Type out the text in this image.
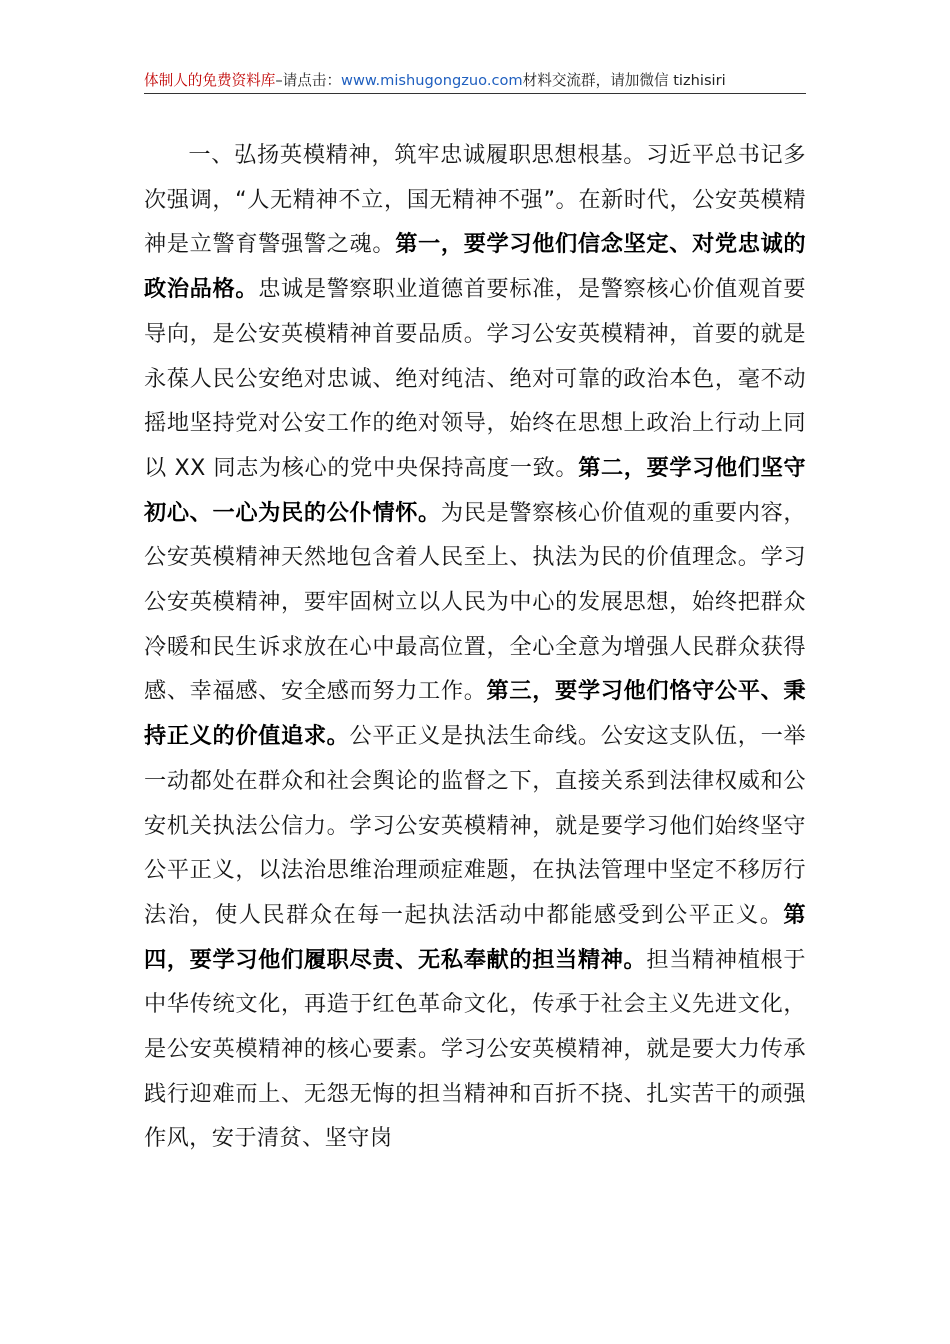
体制人的免费资料库–请点击：www.mishugongzuo.com材料交流群，请加微信 tizhisiri

一、弘扬英模精神，筑牢忠诚履职思想根基。习近平总书记多次强调，“人无精神不立，国无精神不强”。在新时代，公安英模精神是立警育警强警之魂。第一，要学习他们信念坚定、对党忠诚的政治品格。忠诚是警察职业道德首要标准，是警察核心价值观首要导向，是公安英模精神首要品质。学习公安英模精神，首要的就是永葆人民公安绝对忠诚、绝对纯洁、绝对可靠的政治本色，毫不动摇地坚持党对公安工作的绝对领导，始终在思想上政治上行动上同以 XX 同志为核心的党中央保持高度一致。第二，要学习他们坚守初心、一心为民的公仆情怀。为民是警察核心价值观的重要内容，公安英模精神天然地包含着人民至上、执法为民的价值理念。学习公安英模精神，要牢固树立以人民为中心的发展思想，始终把群众冷暖和民生诉求放在心中最高位置，全心全意为增强人民群众获得感、幸福感、安全感而努力工作。第三，要学习他们恪守公平、秉持正义的价值追求。公平正义是执法生命线。公安这支队伍，一举一动都处在群众和社会舆论的监督之下，直接关系到法律权威和公安机关执法公信力。学习公安英模精神，就是要学习他们始终坚守公平正义，以法治思维治理顽症难题，在执法管理中坚定不移厉行法治，使人民群众在每一起执法活动中都能感受到公平正义。第四，要学习他们履职尽责、无私奉献的担当精神。担当精神植根于中华传统文化，再造于红色革命文化，传承于社会主义先进文化，是公安英模精神的核心要素。学习公安英模精神，就是要大力传承践行迎难而上、无怨无悔的担当精神和百折不挠、扎实苦干的顽强作风，安于清贫、坚守岗
